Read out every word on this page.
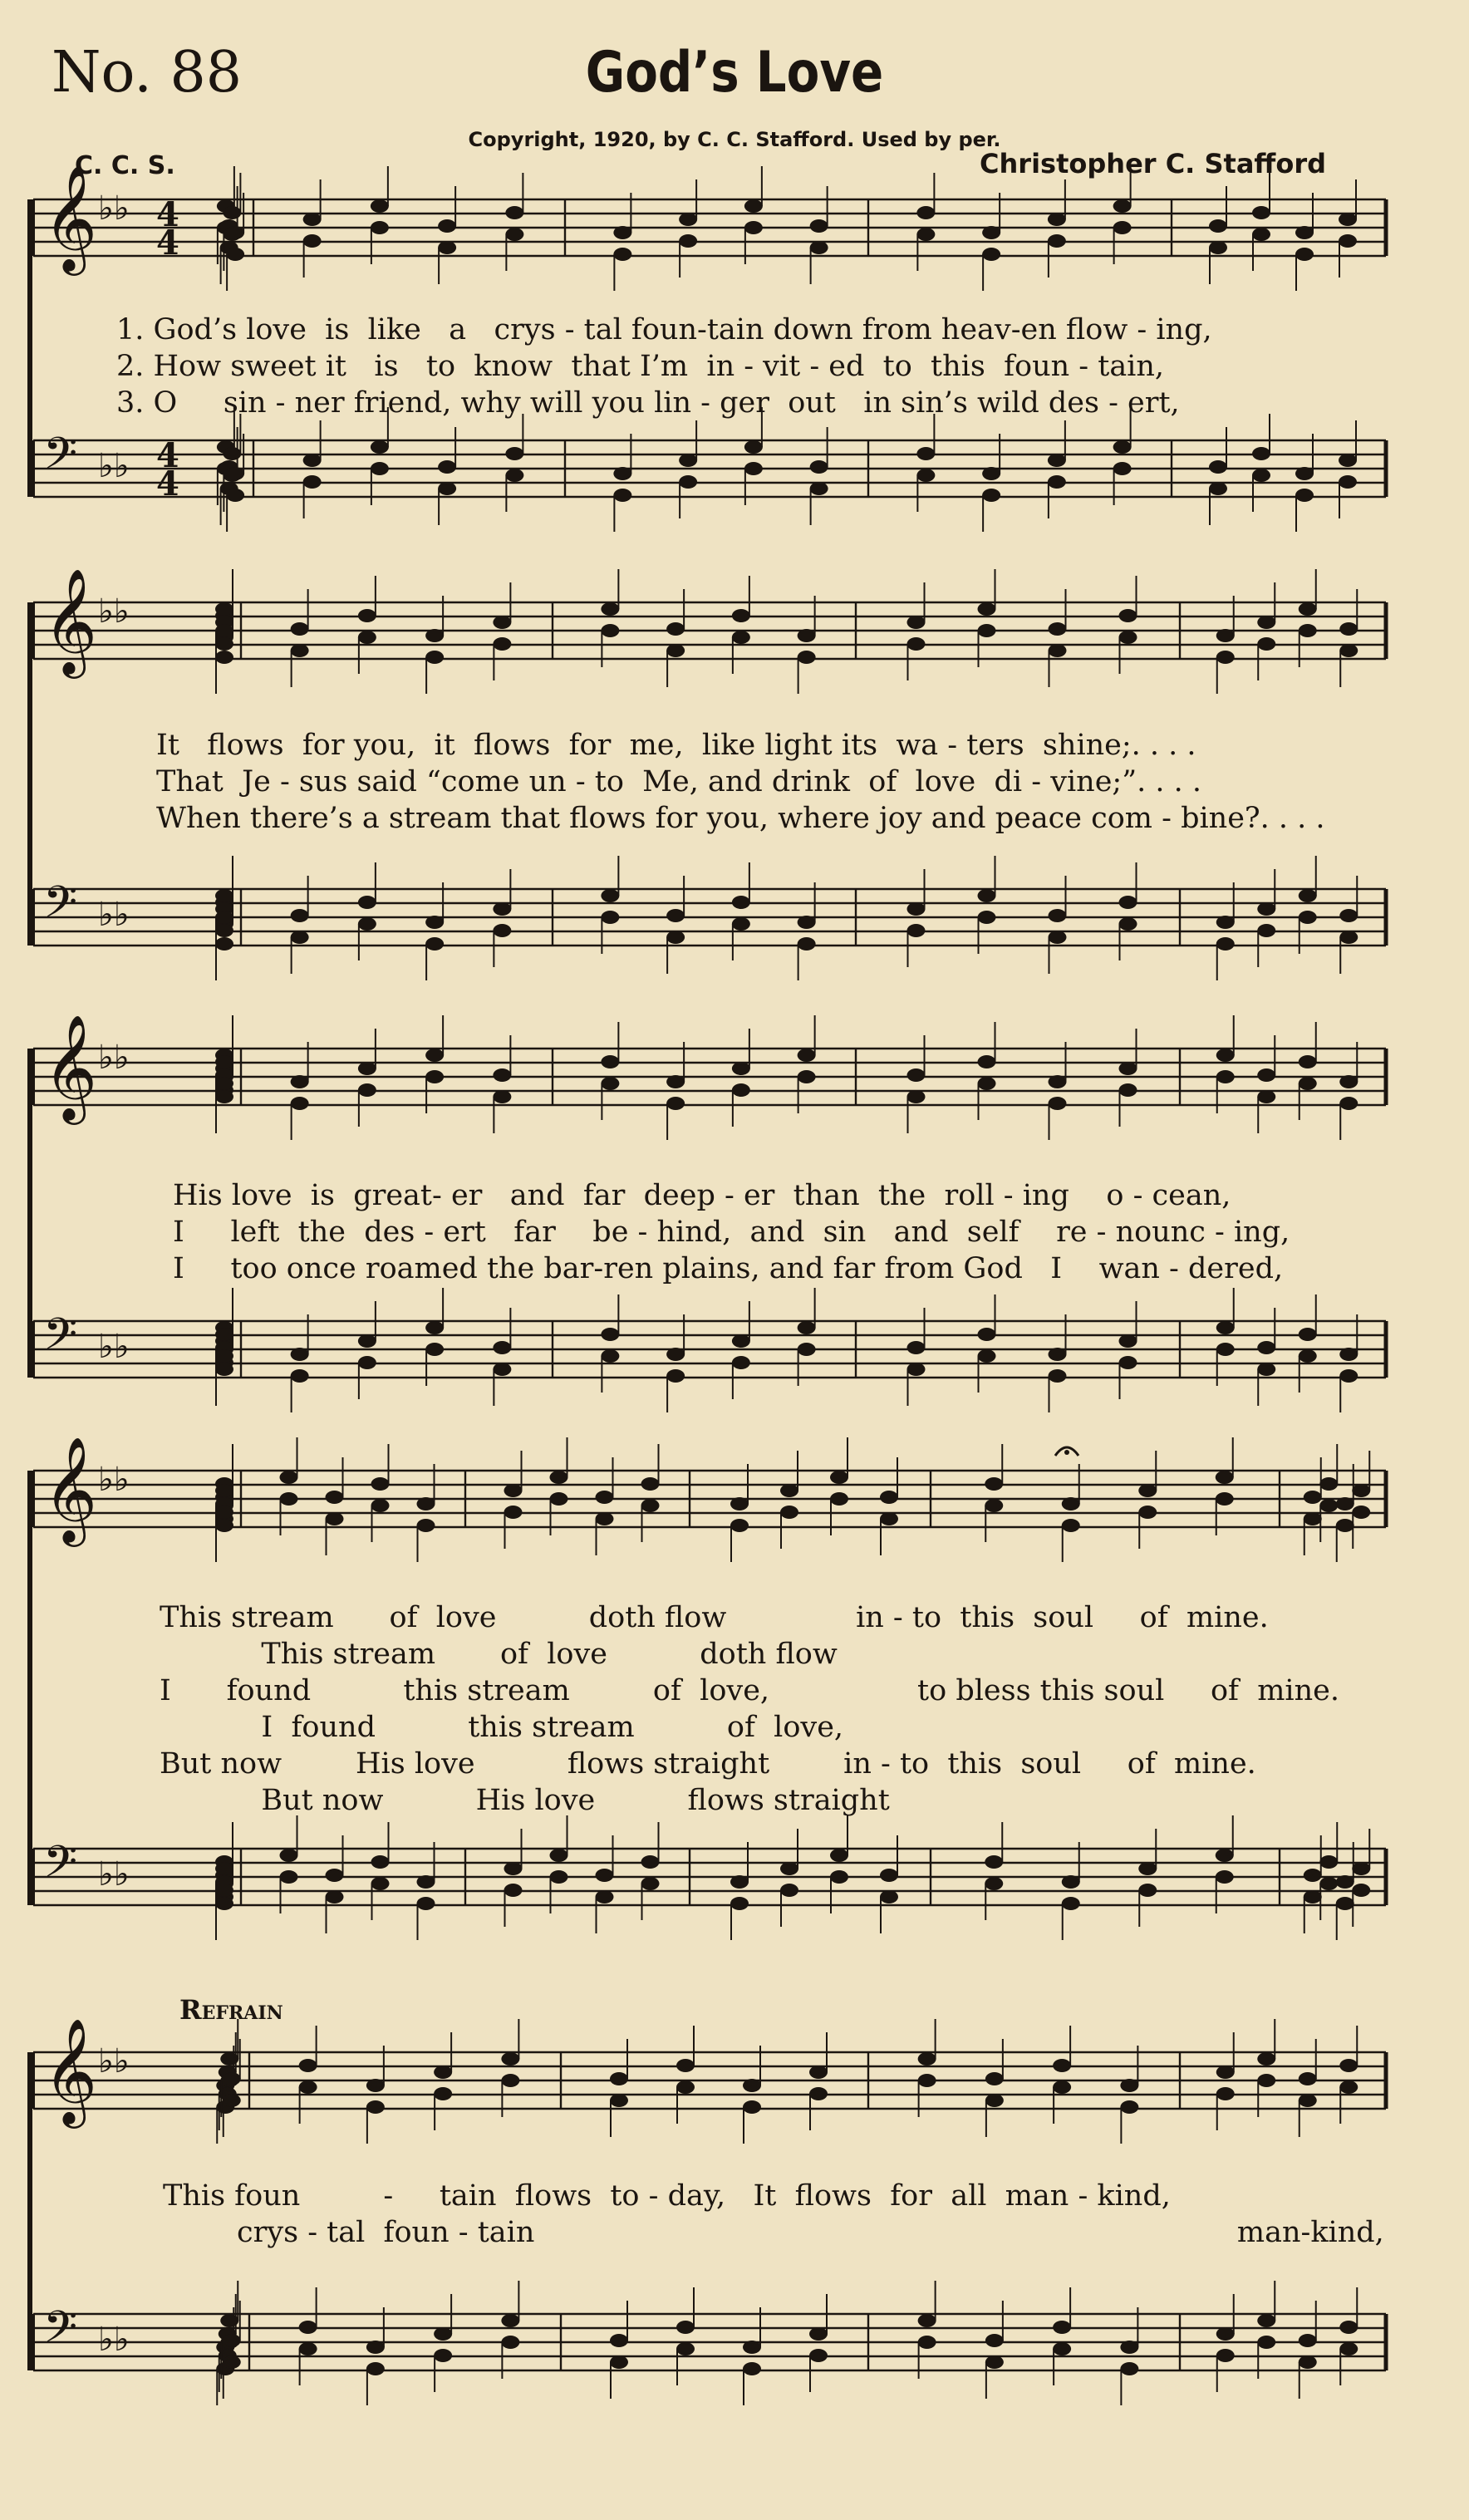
No. 88	God’s Love
Copyright, 1920, by C. C. Stafford. Used by per.
C. C. S.	Christopher C. Stafford
Refrain
𝄞 ♭♭ 4
4
𝄞 ♭♭
𝄞 ♭♭
𝄞 ♭♭
𝄞 ♭♭
𝄢 ♭♭ 4
4
𝄢 ♭♭
𝄢 ♭♭
𝄢 ♭♭
𝄢 ♭♭
1. God’s love  is  like   a   crys - tal foun-tain down from heav-en flow - ing,
2. How sweet it   is   to  know  that I’m  in - vit - ed  to  this  foun - tain,
3. O     sin - ner friend, why will you lin - ger  out   in sin’s wild des - ert,
It   flows  for you,  it  flows  for  me,  like light its  wa - ters  shine;. . . .
That  Je - sus said “come un - to  Me, and drink  of  love  di - vine;”. . . .
When there’s a stream that flows for you, where joy and peace com - bine?. . . .
His love  is  great- er   and  far  deep - er  than  the  roll - ing    o - cean,
I     left  the  des - ert   far    be - hind,  and  sin   and  self    re - nounc - ing,
I     too once roamed the bar-ren plains, and far from God   I    wan - dered,
This stream      of  love          doth flow              in - to  this  soul     of  mine.
This stream       of  love          doth flow
I      found          this stream         of  love,                to bless this soul     of  mine.
I  found          this stream          of  love,
But now        His love          flows straight        in - to  this  soul     of  mine.
But now          His love          flows straight
This foun         -     tain  flows  to - day,   It  flows  for  all  man - kind,
crys - tal  foun - tain                                                                            man-kind,
